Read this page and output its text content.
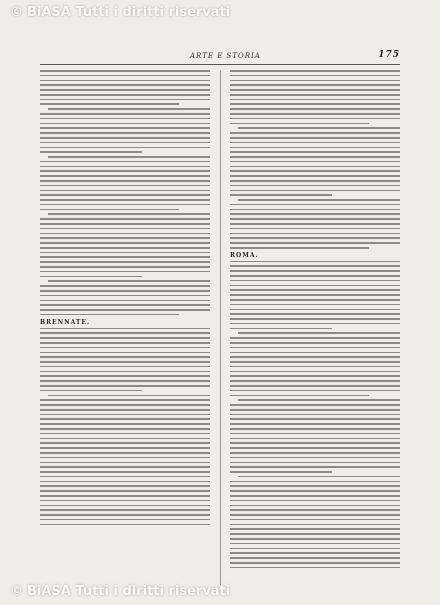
© BiASA Tutti i diritti riservati
ARTE E STORIA	175
BRENNATE.
ROMA.
© BiASA Tutti i diritti riservati
